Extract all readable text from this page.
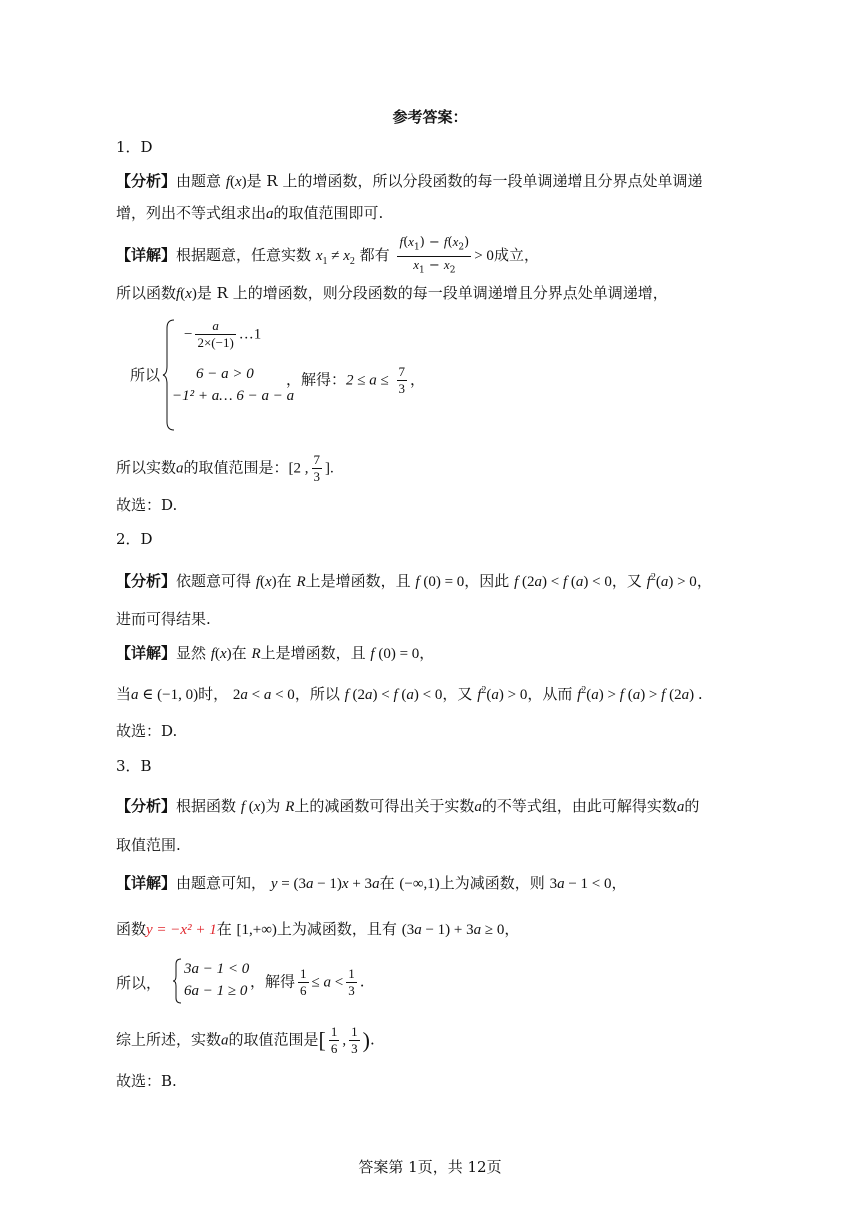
参考答案：
1．D
【分析】由题意 f(x)是 R 上的增函数，所以分段函数的每一段单调递增且分界点处单调递
增，列出不等式组求出a的取值范围即可.
【详解】根据题意，任意实数 $x_1 \ne x_2$ 都有 $\frac{f(x_1) - f(x_2)}{x_1 - x_2} > 0$成立，
所以函数f(x)是 R 上的增函数，则分段函数的每一段单调递增且分界点处单调递增，
所以
− $\frac{a}{2\times(-1)}$ …1
6 − a > 0
−1² + a… 6 − a − a
，解得：$2 \le a \le \frac{7}{3}$ ，
所以实数a的取值范围是：[2 , $\frac{7}{3}$ ].
故选：D.
2．D
【分析】依题意可得 f(x)在 R上是增函数，且 f (0) = 0，因此 f (2a) < f (a) < 0，又 $f^2(a) > 0$，
进而可得结果.
【详解】显然 f(x)在 R上是增函数，且 f (0) = 0，
当a ∈ (−1, 0)时， 2a < a < 0，所以 f (2a) < f (a) < 0，又 $f^2(a) > 0$，从而 $f^2(a) > f$ (a) > f (2a) .
故选：D.
3．B
【分析】根据函数 f (x)为 R上的减函数可得出关于实数a的不等式组，由此可解得实数a的
取值范围.
【详解】由题意可知， y = (3a − 1)x + 3a在 (−∞,1)上为减函数，则 3a − 1 < 0，
函数y = −x² + 1在 [1,+∞)上为减函数，且有 (3a − 1) + 3a ≥ 0，
所以，
3a − 1 < 0
6a − 1 ≥ 0
，解得 $\frac{1}{6} \le a < \frac{1}{3}$ .
综上所述，实数a的取值范围是[ $\frac{1}{6}$ , $\frac{1}{3}$ ).
故选：B.
答案第 1页，共 12页
